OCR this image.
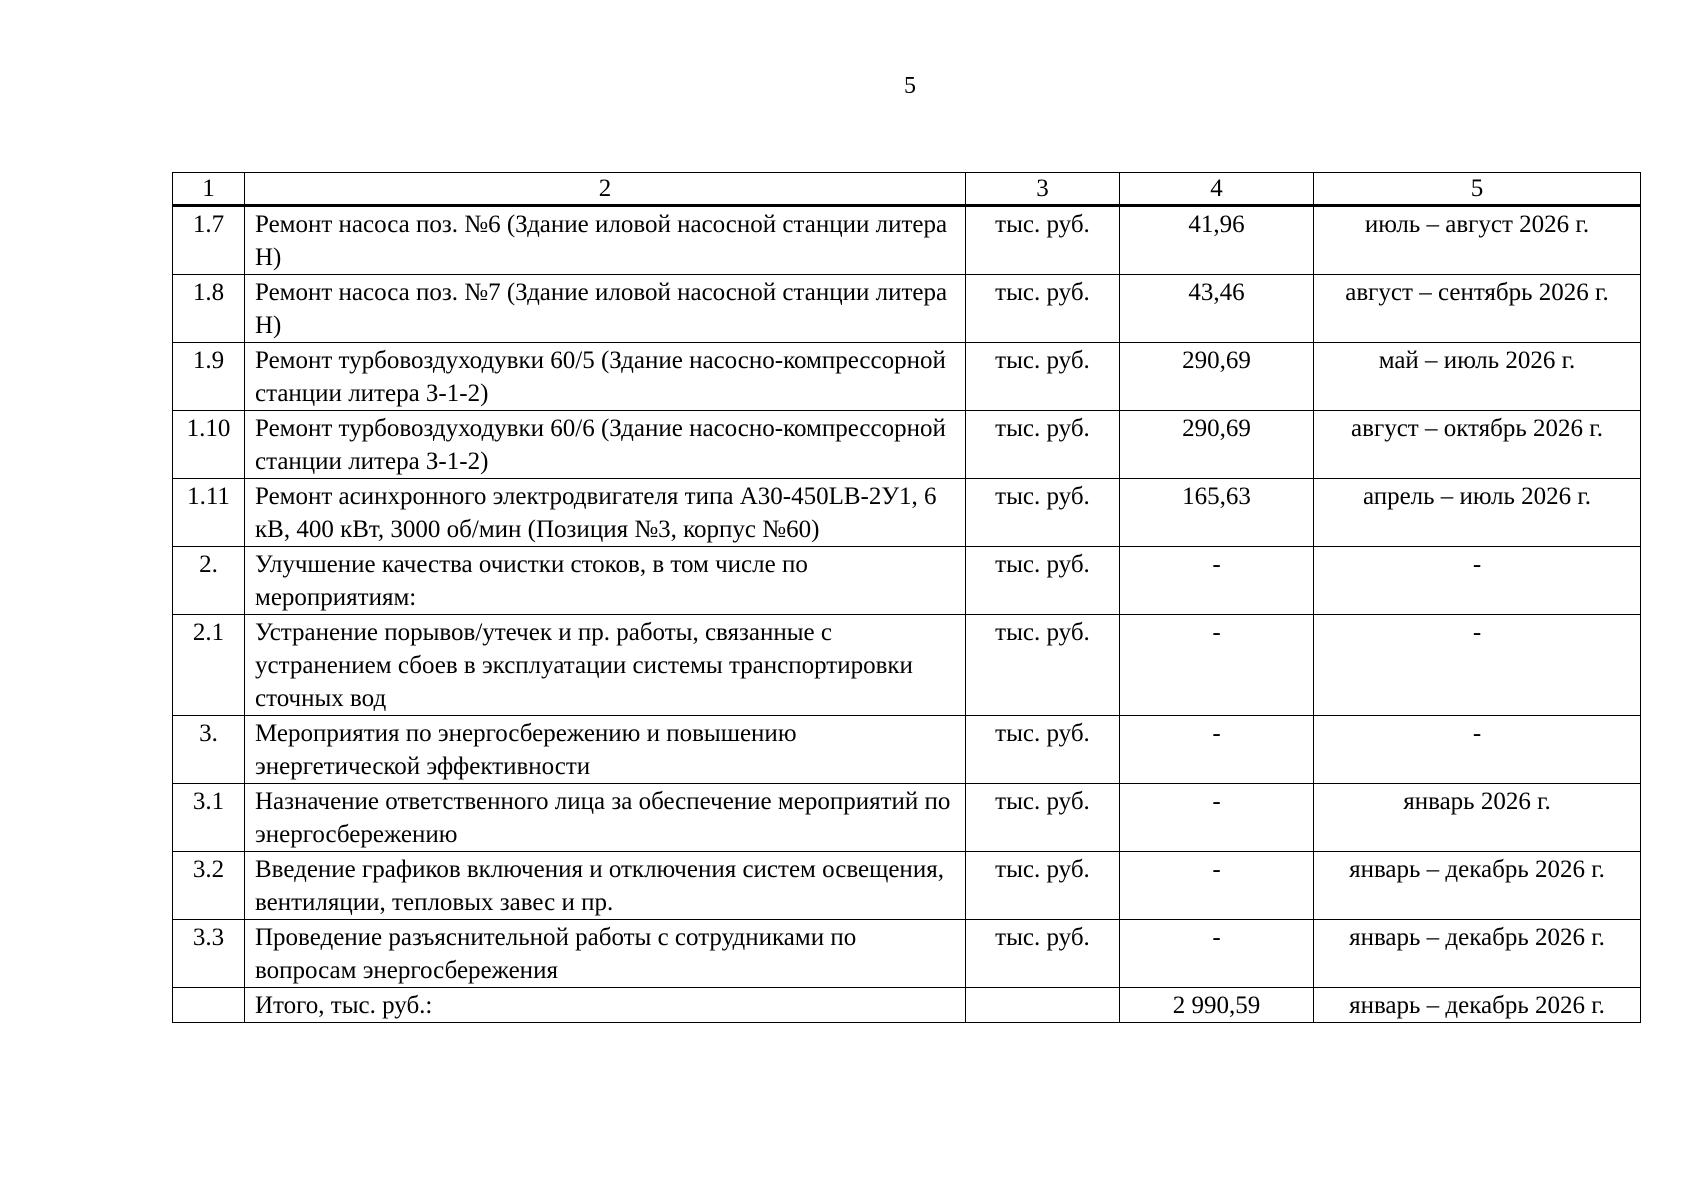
5
1	2	3	4	5

1.7	Ремонт насоса поз. №6 (Здание иловой насосной станции литера Н)	тыс. руб.	41,96	июль – август 2026 г.

1.8	Ремонт насоса поз. №7 (Здание иловой насосной станции литера Н)	тыс. руб.	43,46	август – сентябрь 2026 г.

1.9	Ремонт турбовоздуходувки 60/5 (Здание насосно-компрессорной станции литера З-1-2)	тыс. руб.	290,69	май – июль 2026 г.

1.10	Ремонт турбовоздуходувки 60/6 (Здание насосно-компрессорной станции литера З-1-2)	тыс. руб.	290,69	август – октябрь 2026 г.

1.11	Ремонт асинхронного электродвигателя типа А30-450LB-2У1, 6 кВ, 400 кВт, 3000 об/мин (Позиция №3, корпус №60)	тыс. руб.	165,63	апрель – июль 2026 г.

2.	Улучшение качества очистки стоков, в том числе по мероприятиям:	тыс. руб.	-	-

2.1	Устранение порывов/утечек и пр. работы, связанные с устранением сбоев в эксплуатации системы транспортировки сточных вод	тыс. руб.	-	-

3.	Мероприятия по энергосбережению и повышению энергетической эффективности	тыс. руб.	-	-

3.1	Назначение ответственного лица за обеспечение мероприятий по энергосбережению	тыс. руб.	-	январь 2026 г.

3.2	Введение графиков включения и отключения систем освещения, вентиляции, тепловых завес и пр.	тыс. руб.	-	январь – декабрь 2026 г.

3.3	Проведение разъяснительной работы с сотрудниками по вопросам энергосбережения	тыс. руб.	-	январь – декабрь 2026 г.

	Итого, тыс. руб.:		2 990,59	январь – декабрь 2026 г.
